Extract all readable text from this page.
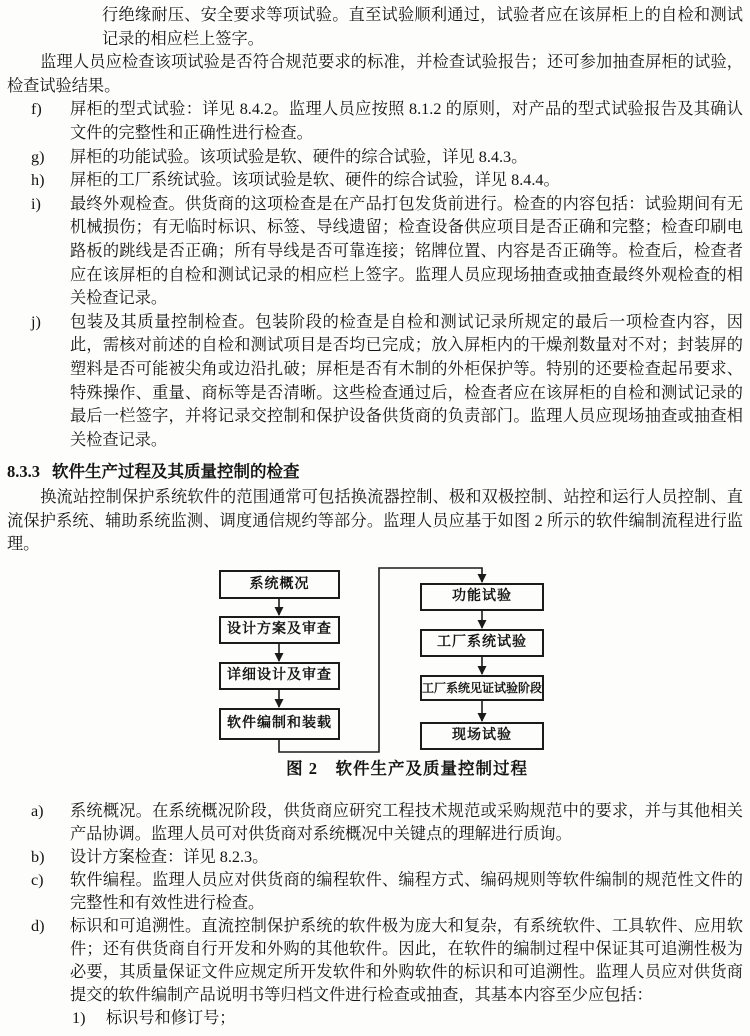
行绝缘耐压、安全要求等项试验。直至试验顺利通过，试验者应在该屏柜上的自检和测试记录的相应栏上签字。
监理人员应检查该项试验是否符合规范要求的标准，并检查试验报告；还可参加抽查屏柜的试验，检查试验结果。
f) 屏柜的型式试验：详见 8.4.2。监理人员应按照 8.1.2 的原则，对产品的型式试验报告及其确认文件的完整性和正确性进行检查。
g) 屏柜的功能试验。该项试验是软、硬件的综合试验，详见 8.4.3。
h) 屏柜的工厂系统试验。该项试验是软、硬件的综合试验，详见 8.4.4。
i) 最终外观检查。供货商的这项检查是在产品打包发货前进行。检查的内容包括：试验期间有无机械损伤；有无临时标识、标签、导线遗留；检查设备供应项目是否正确和完整；检查印刷电路板的跳线是否正确；所有导线是否可靠连接；铭牌位置、内容是否正确等。检查后，检查者应在该屏柜的自检和测试记录的相应栏上签字。监理人员应现场抽查或抽查最终外观检查的相关检查记录。
j) 包装及其质量控制检查。包装阶段的检查是自检和测试记录所规定的最后一项检查内容，因此，需核对前述的自检和测试项目是否均已完成；放入屏柜内的干燥剂数量对不对；封装屏的塑料是否可能被尖角或边沿扎破；屏柜是否有木制的外柜保护等。特别的还要检查起吊要求、特殊操作、重量、商标等是否清晰。这些检查通过后，检查者应在该屏柜的自检和测试记录的最后一栏签字，并将记录交控制和保护设备供货商的负责部门。监理人员应现场抽查或抽查相关检查记录。
8.3.3 软件生产过程及其质量控制的检查
换流站控制保护系统软件的范围通常可包括换流器控制、极和双极控制、站控和运行人员控制、直流保护系统、辅助系统监测、调度通信规约等部分。监理人员应基于如图 2 所示的软件编制流程进行监理。
系统概况
设计方案及审查
详细设计及审查
软件编制和装载
功能试验
工厂系统试验
工厂系统见证试验阶段
现场试验
图 2　软件生产及质量控制过程
a) 系统概况。在系统概况阶段，供货商应研究工程技术规范或采购规范中的要求，并与其他相关产品协调。监理人员可对供货商对系统概况中关键点的理解进行质询。
b) 设计方案检查：详见 8.2.3。
c) 软件编程。监理人员应对供货商的编程软件、编程方式、编码规则等软件编制的规范性文件的完整性和有效性进行检查。
d) 标识和可追溯性。直流控制保护系统的软件极为庞大和复杂，有系统软件、工具软件、应用软件；还有供货商自行开发和外购的其他软件。因此，在软件的编制过程中保证其可追溯性极为必要，其质量保证文件应规定所开发软件和外购软件的标识和可追溯性。监理人员应对供货商提交的软件编制产品说明书等归档文件进行检查或抽查，其基本内容至少应包括：
1) 标识号和修订号；
